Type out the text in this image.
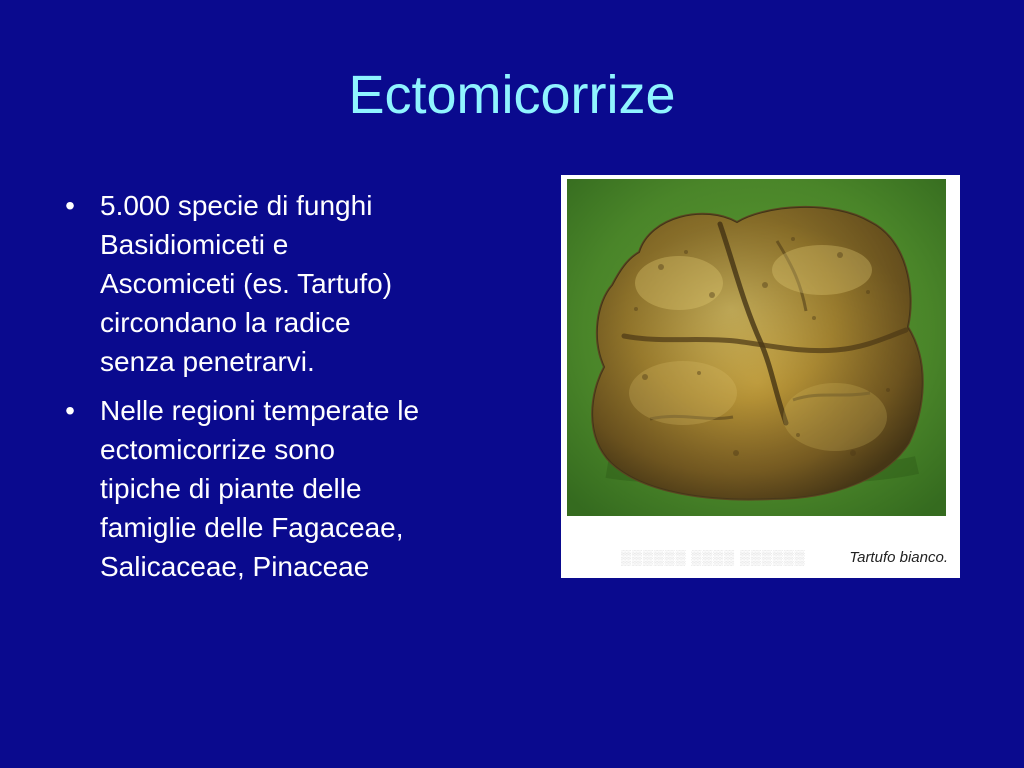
Ectomicorrize
• 5.000 specie di funghi
Basidiomiceti e
Ascomiceti (es. Tartufo)
circondano la radice
senza penetrarvi.
• Nelle regioni temperate le
ectomicorrize sono
tipiche di piante delle
famiglie delle Fagaceae,
Salicaceae, Pinaceae	▒▒▒▒▒▒ ▒▒▒▒ ▒▒▒▒▒▒	Tartufo bianco.
